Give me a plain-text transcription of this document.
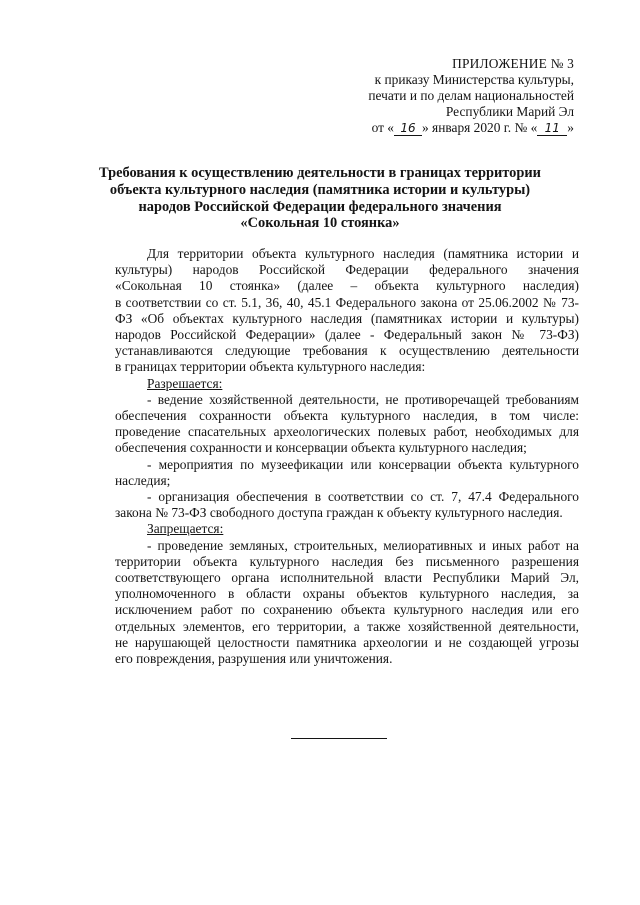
ПРИЛОЖЕНИЕ № 3
к приказу Министерства культуры,
печати и по делам национальностей
Республики Марий Эл
от « 16 » января 2020 г. № « 11 »
Требования к осуществлению деятельности в границах территории
объекта культурного наследия (памятника истории и культуры)
народов Российской Федерации федерального значения
«Сокольная 10 стоянка»
Для территории объекта культурного наследия (памятника истории и
культуры) народов Российской Федерации федерального значения
«Сокольная 10 стоянка» (далее – объекта культурного наследия)
в соответствии со ст. 5.1, 36, 40, 45.1 Федерального закона от 25.06.2002 № 73-
ФЗ «Об объектах культурного наследия (памятниках истории и культуры)
народов Российской Федерации» (далее - Федеральный закон № 73-ФЗ)
устанавливаются следующие требования к осуществлению деятельности
в границах территории объекта культурного наследия:
Разрешается:
- ведение хозяйственной деятельности, не противоречащей требованиям
обеспечения сохранности объекта культурного наследия, в том числе:
проведение спасательных археологических полевых работ, необходимых для
обеспечения сохранности и консервации объекта культурного наследия;
- мероприятия по музеефикации или консервации объекта культурного
наследия;
- организация обеспечения в соответствии со ст. 7, 47.4 Федерального
закона № 73-ФЗ свободного доступа граждан к объекту культурного наследия.
Запрещается:
- проведение земляных, строительных, мелиоративных и иных работ на
территории объекта культурного наследия без письменного разрешения
соответствующего органа исполнительной власти Республики Марий Эл,
уполномоченного в области охраны объектов культурного наследия, за
исключением работ по сохранению объекта культурного наследия или его
отдельных элементов, его территории, а также хозяйственной деятельности,
не нарушающей целостности памятника археологии и не создающей угрозы
его повреждения, разрушения или уничтожения.
